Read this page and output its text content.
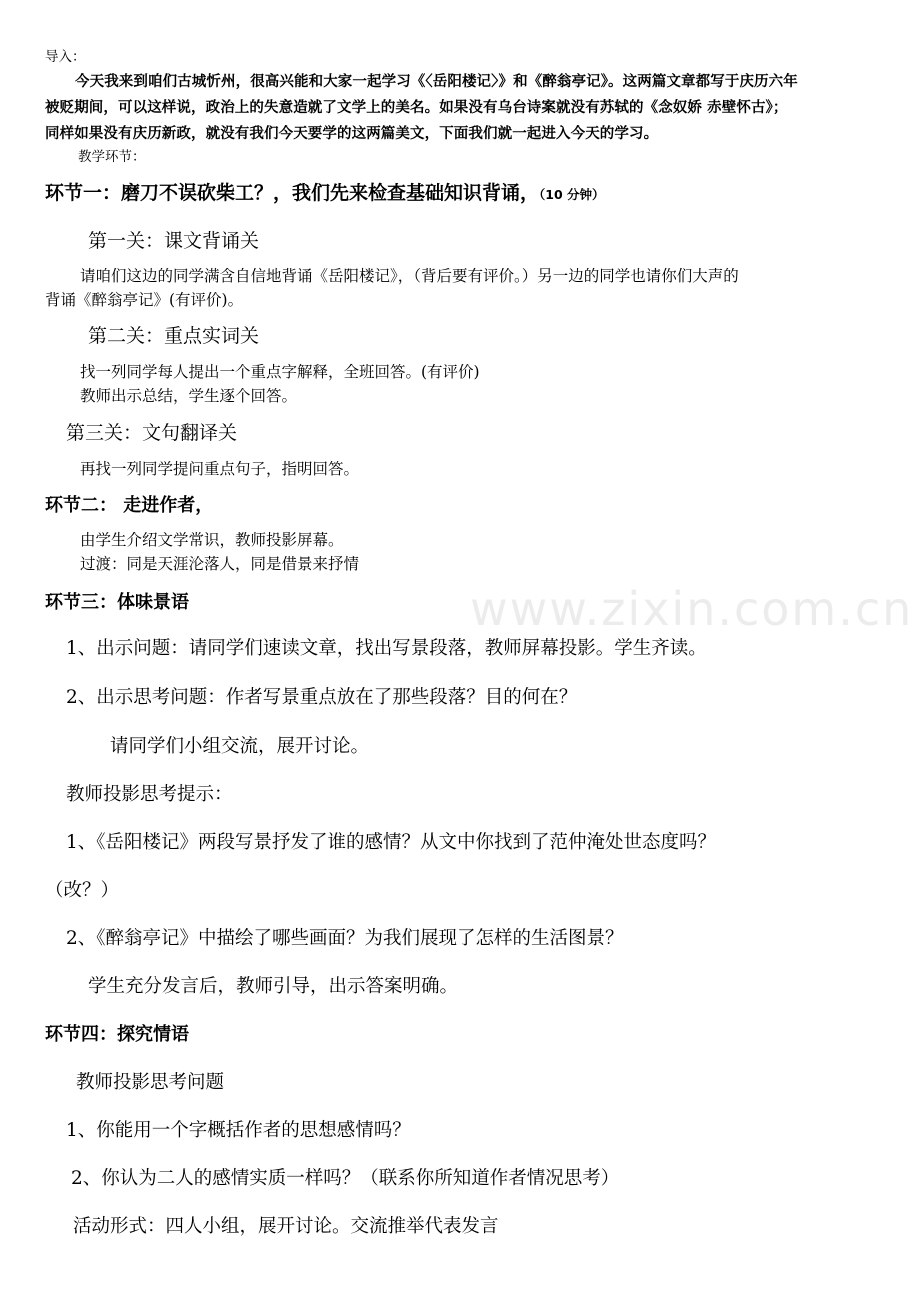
www.zixin.com.cn

导入：

今天我来到咱们古城忻州，很高兴能和大家一起学习《〈岳阳楼记〉》和《醉翁亭记》。这两篇文章都写于庆历六年

被贬期间，可以这样说，政治上的失意造就了文学上的美名。如果没有乌台诗案就没有苏轼的《念奴娇 赤壁怀古》；

同样如果没有庆历新政，就没有我们今天要学的这两篇美文，下面我们就一起进入今天的学习。

教学环节：

环节一：磨刀不误砍柴工？，我们先来检查基础知识背诵，（10 分钟）

第一关：课文背诵关

请咱们这边的同学满含自信地背诵《岳阳楼记》，（背后要有评价。）另一边的同学也请你们大声的

背诵《醉翁亭记》(有评价)。

第二关：重点实词关

找一列同学每人提出一个重点字解释，全班回答。(有评价)

教师出示总结，学生逐个回答。

第三关：文句翻译关

再找一列同学提问重点句子，指明回答。

环节二： 走进作者，

由学生介绍文学常识，教师投影屏幕。

过渡：同是天涯沦落人，同是借景来抒情

环节三：体味景语

1、出示问题：请同学们速读文章，找出写景段落，教师屏幕投影。学生齐读。

2、出示思考问题：作者写景重点放在了那些段落？目的何在？

请同学们小组交流，展开讨论。

教师投影思考提示：

1、《岳阳楼记》两段写景抒发了谁的感情？从文中你找到了范仲淹处世态度吗？

（改？）

2、《醉翁亭记》中描绘了哪些画面？为我们展现了怎样的生活图景？

学生充分发言后，教师引导，出示答案明确。

环节四：探究情语

教师投影思考问题

1、你能用一个字概括作者的思想感情吗？

2、你认为二人的感情实质一样吗？（联系你所知道作者情况思考）

活动形式：四人小组，展开讨论。交流推举代表发言
